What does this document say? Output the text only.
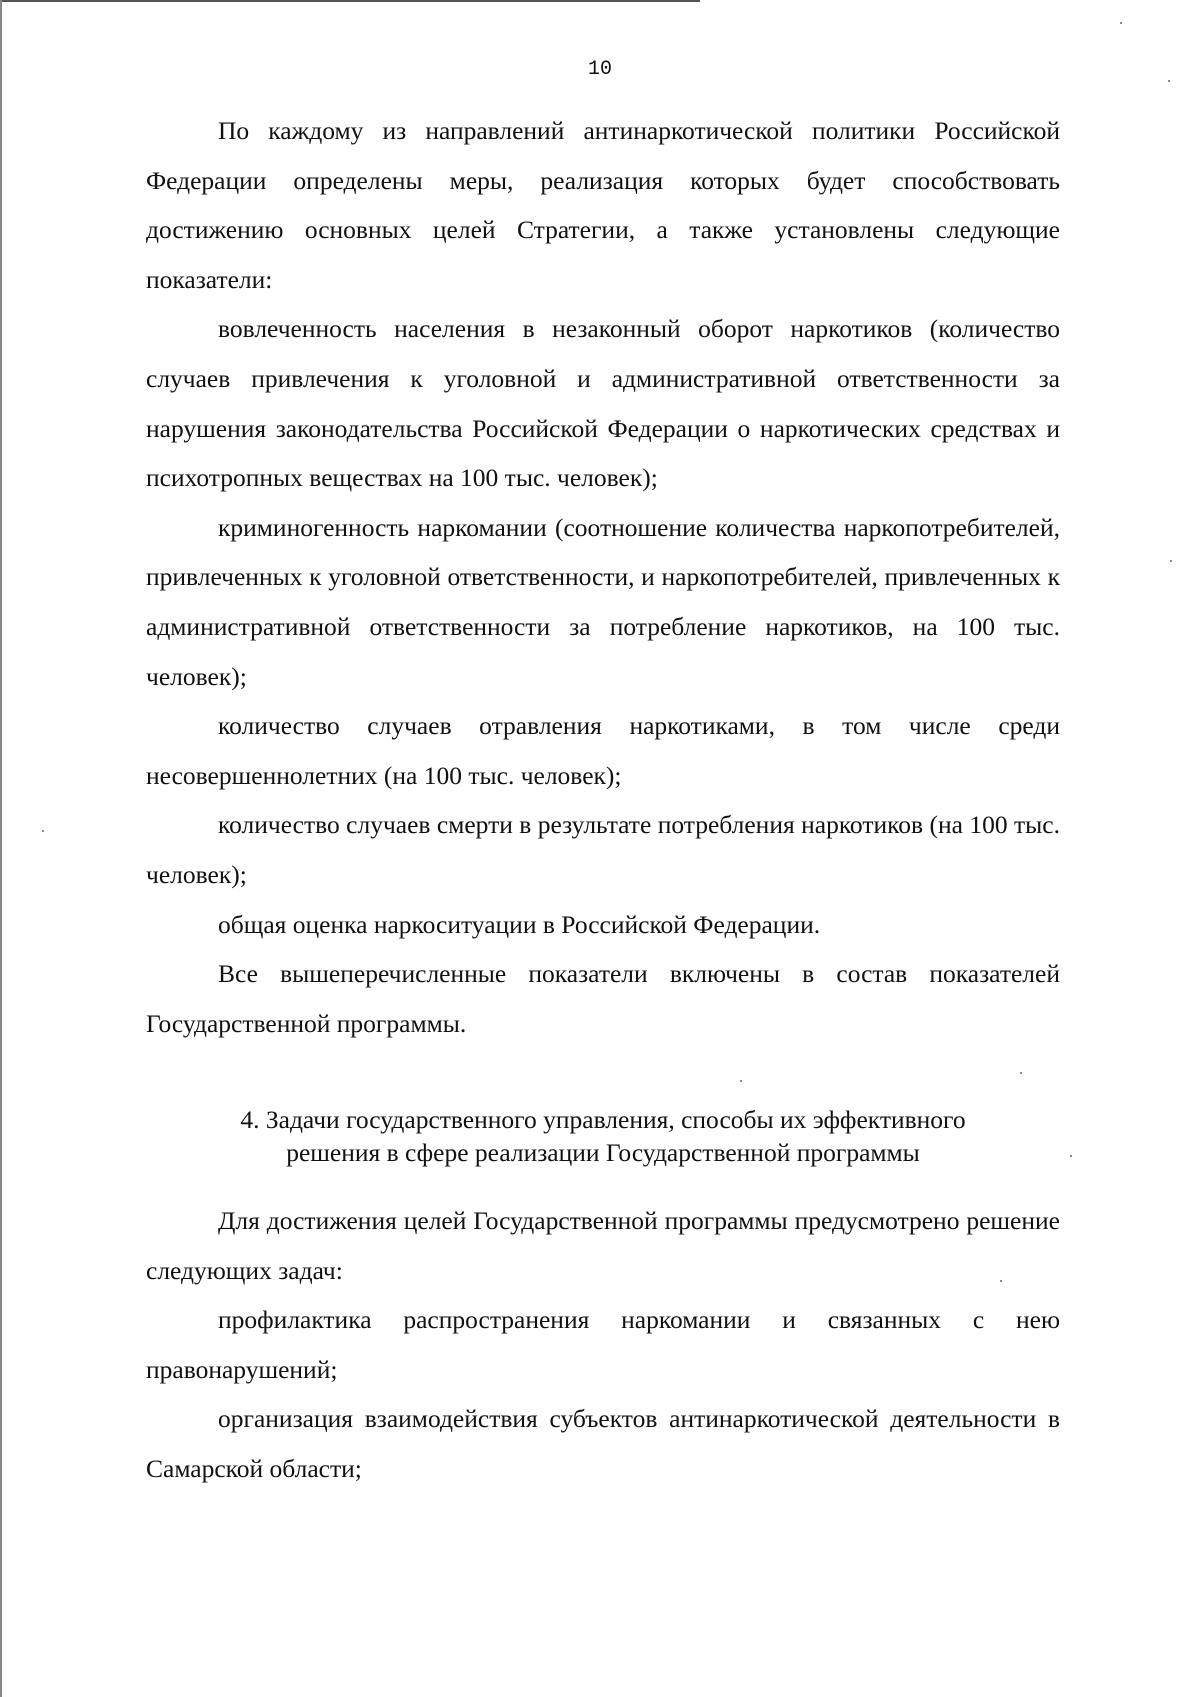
10

По каждому из направлений антинаркотической политики Российской Федерации определены меры, реализация которых будет способствовать достижению основных целей Стратегии, а также установлены следующие показатели:

вовлеченность населения в незаконный оборот наркотиков (количество случаев привлечения к уголовной и административной ответственности за нарушения законодательства Российской Федерации о наркотических средствах и психотропных веществах на 100 тыс. человек);

криминогенность наркомании (соотношение количества наркопотребителей, привлеченных к уголовной ответственности, и наркопотребителей, привлеченных к административной ответственности за потребление наркотиков, на 100 тыс. человек);

количество случаев отравления наркотиками, в том числе среди несовершеннолетних (на 100 тыс. человек);

количество случаев смерти в результате потребления наркотиков (на 100 тыс. человек);

общая оценка наркоситуации в Российской Федерации.

Все вышеперечисленные показатели включены в состав показателей Государственной программы.

4. Задачи государственного управления, способы их эффективного
решения в сфере реализации Государственной программы

Для достижения целей Государственной программы предусмотрено решение следующих задач:

профилактика распространения наркомании и связанных с нею правонарушений;

организация взаимодействия субъектов антинаркотической деятельности в Самарской области;
